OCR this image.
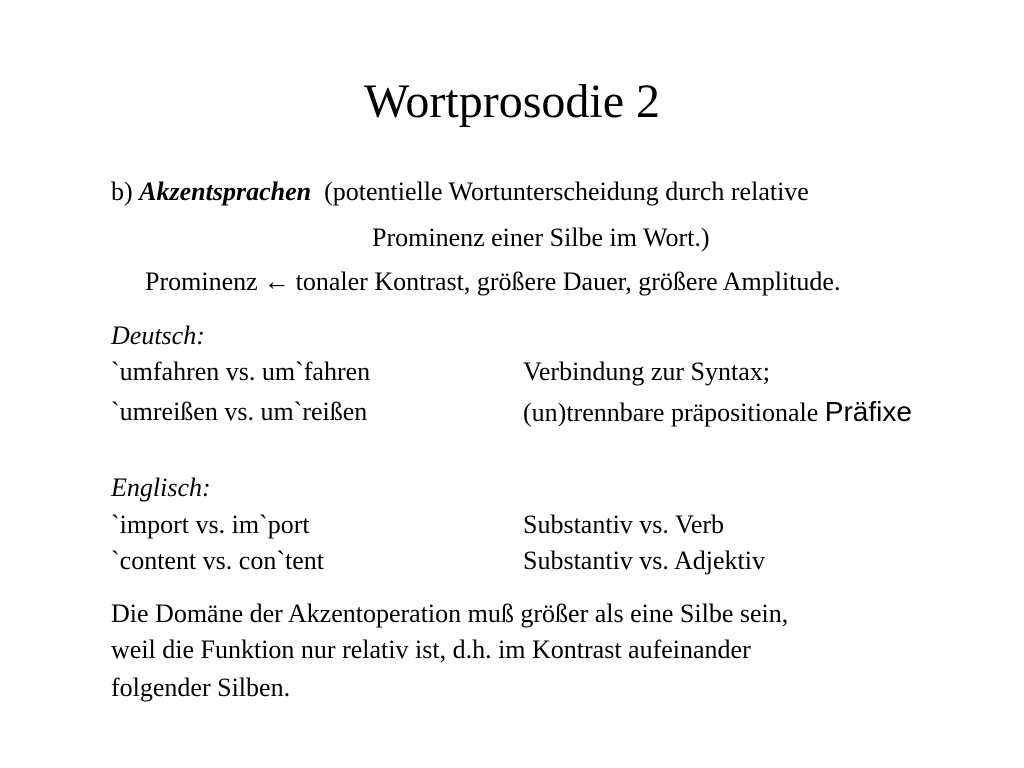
Wortprosodie 2
b) Akzentsprachen (potentielle Wortunterscheidung durch relative
Prominenz einer Silbe im Wort.)
Prominenz ← tonaler Kontrast, größere Dauer, größere Amplitude.
Deutsch:
`umfahren vs. um`fahren	Verbindung zur Syntax;
`umreißen vs. um`reißen	(un)trennbare präpositionale Präfixe
Englisch:
`import vs. im`port	Substantiv vs. Verb
`content vs. con`tent	Substantiv vs. Adjektiv
Die Domäne der Akzentoperation muß größer als eine Silbe sein,
weil die Funktion nur relativ ist, d.h. im Kontrast aufeinander
folgender Silben.
